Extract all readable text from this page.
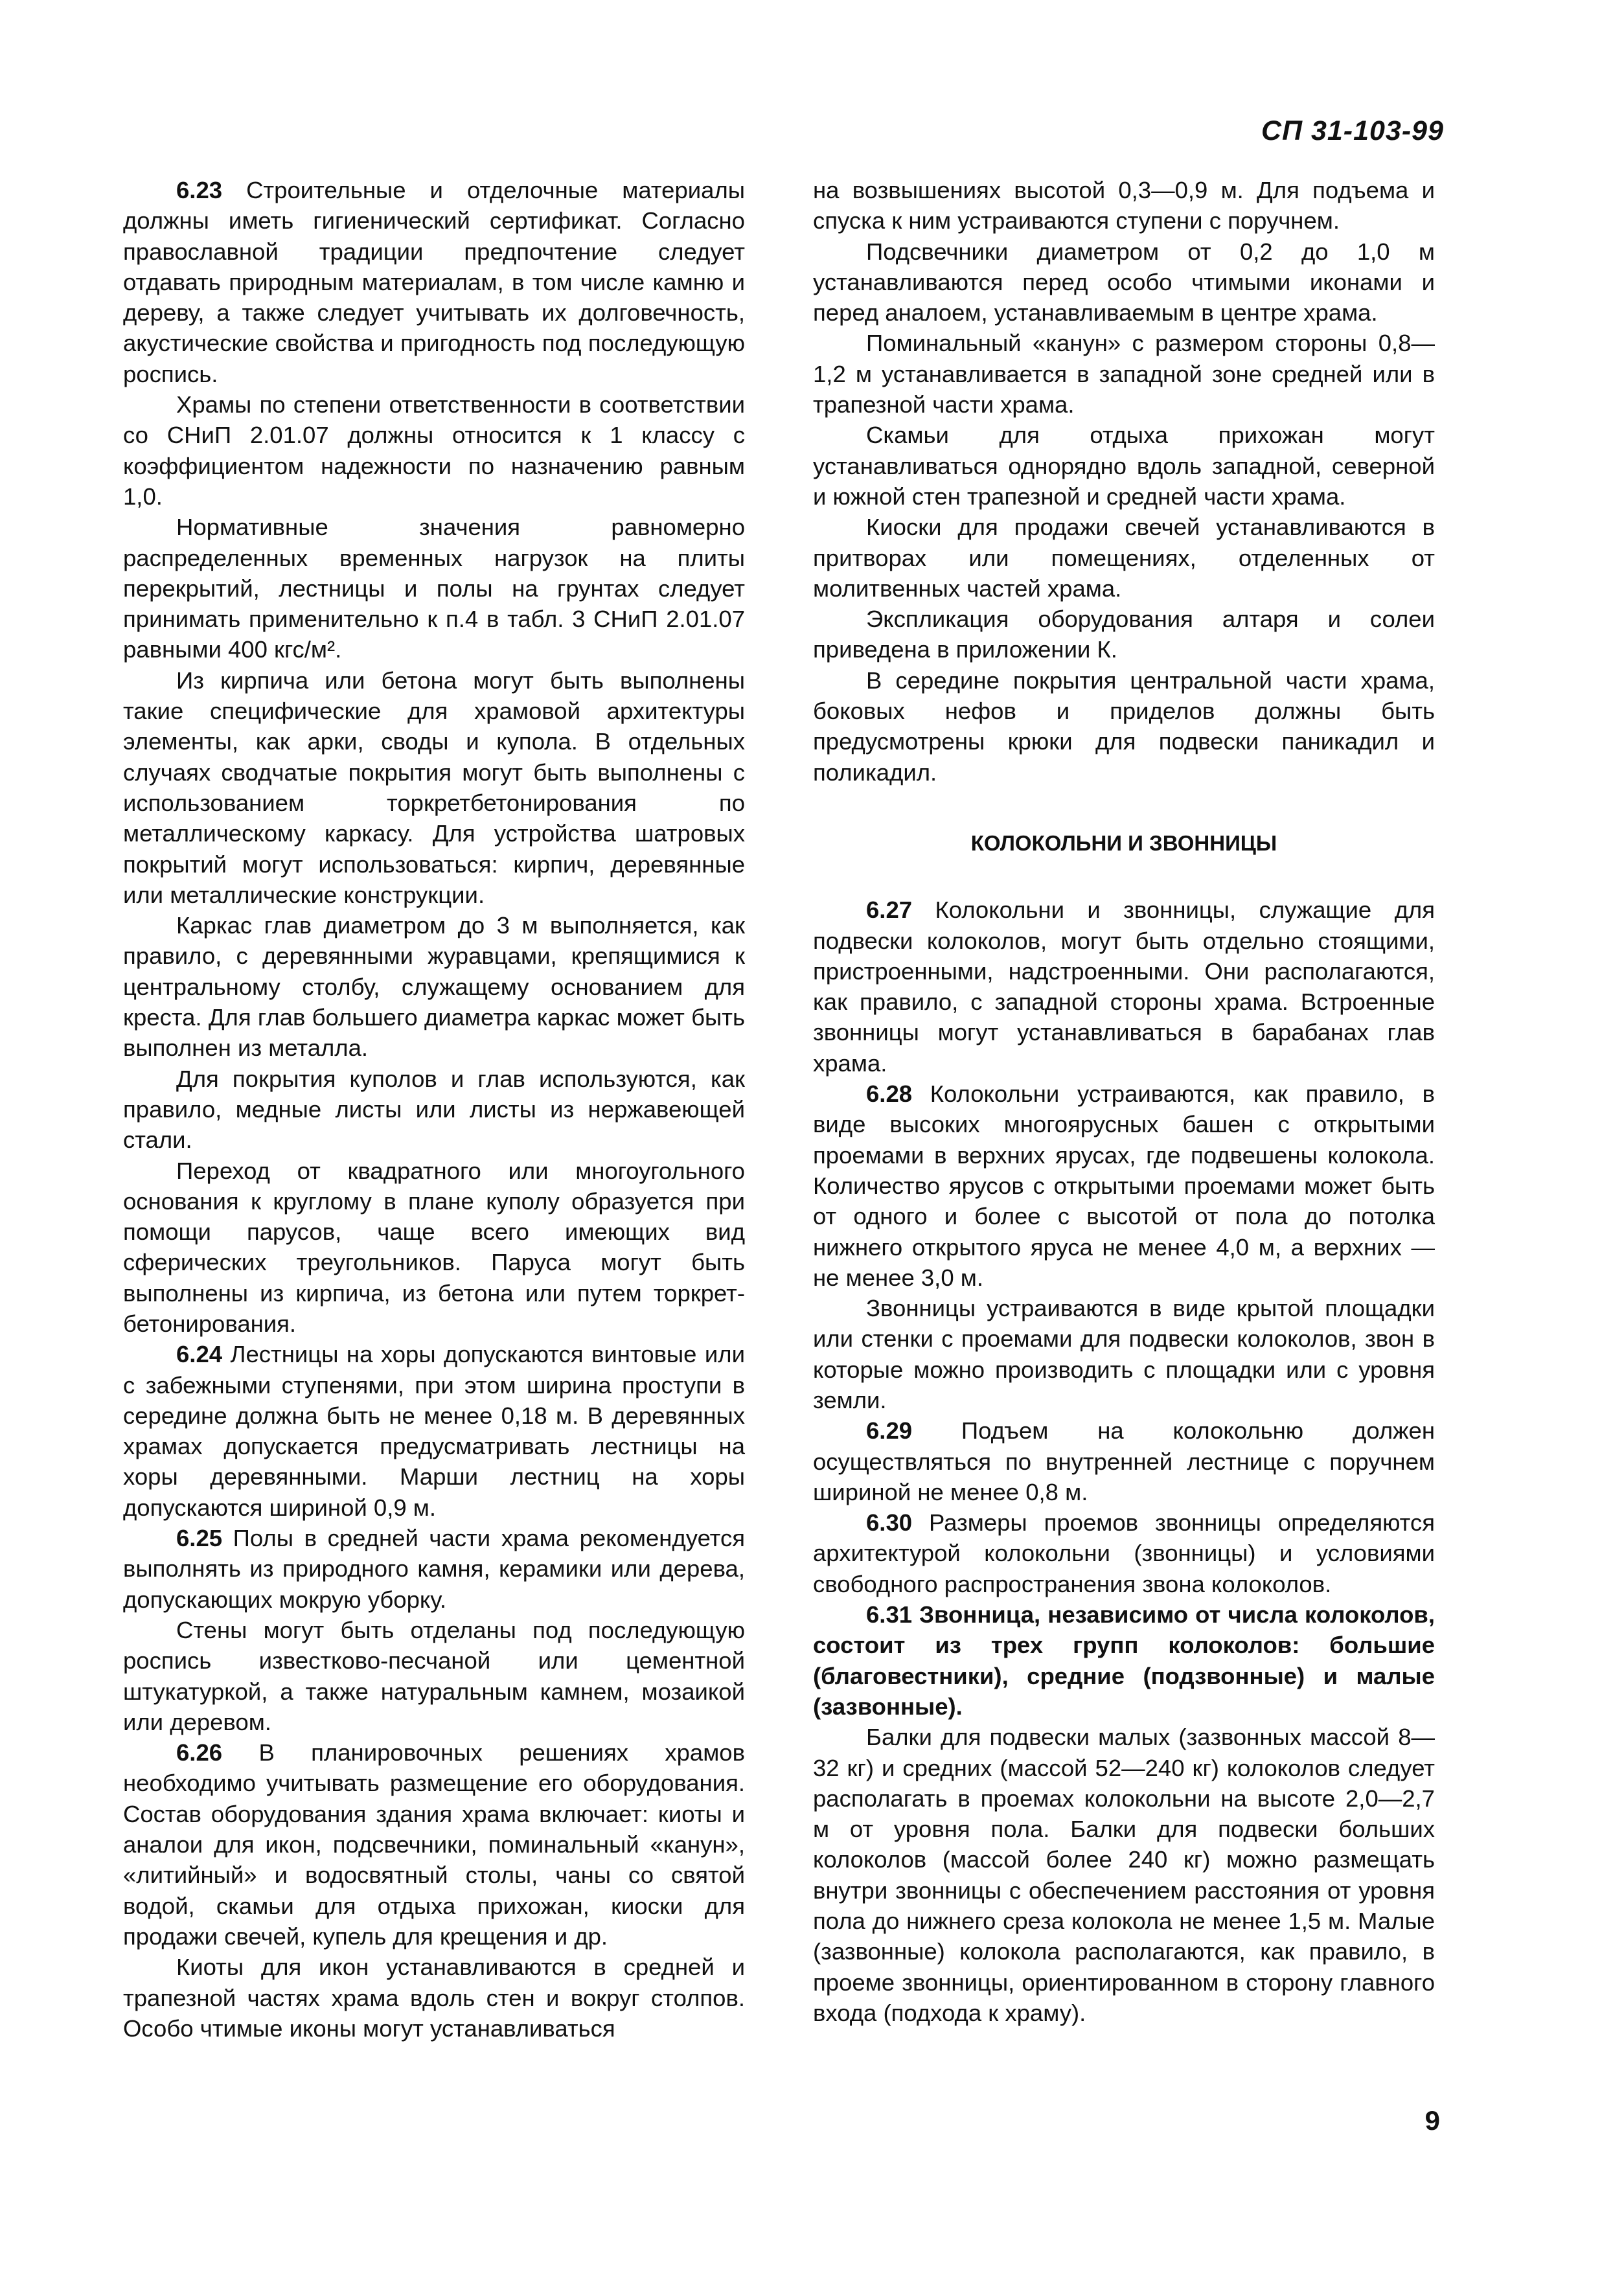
СП 31-103-99

6.23 Строительные и отделочные материалы должны иметь гигиенический сертификат. Согласно православной традиции предпочтение следует отдавать природным материалам, в том числе камню и дереву, а также следует учитывать их долговечность, акустические свойства и пригодность под последующую роспись.

Храмы по степени ответственности в соответствии со СНиП 2.01.07 должны относится к 1 классу с коэффициентом надежности по назначению равным 1,0.

Нормативные значения равномерно распределенных временных нагрузок на плиты перекрытий, лестницы и полы на грунтах следует принимать применительно к п.4 в табл. 3 СНиП 2.01.07 равными 400 кгс/м².

Из кирпича или бетона могут быть выполнены такие специфические для храмовой архитектуры элементы, как арки, своды и купола. В отдельных случаях сводчатые покрытия могут быть выполнены с использованием торкретбетонирования по металлическому каркасу. Для устройства шатровых покрытий могут использоваться: кирпич, деревянные или металлические конструкции.

Каркас глав диаметром до 3 м выполняется, как правило, с деревянными журавцами, крепящимися к центральному столбу, служащему основанием для креста. Для глав большего диаметра каркас может быть выполнен из металла.

Для покрытия куполов и глав используются, как правило, медные листы или листы из нержавеющей стали.

Переход от квадратного или многоугольного основания к круглому в плане куполу образуется при помощи парусов, чаще всего имеющих вид сферических треугольников. Паруса могут быть выполнены из кирпича, из бетона или путем торкрет-бетонирования.

6.24 Лестницы на хоры допускаются винтовые или с забежными ступенями, при этом ширина проступи в середине должна быть не менее 0,18 м. В деревянных храмах допускается предусматривать лестницы на хоры деревянными. Марши лестниц на хоры допускаются шириной 0,9 м.

6.25 Полы в средней части храма рекомендуется выполнять из природного камня, керамики или дерева, допускающих мокрую уборку.

Стены могут быть отделаны под последующую роспись известково-песчаной или цементной штукатуркой, а также натуральным камнем, мозаикой или деревом.

6.26 В планировочных решениях храмов необходимо учитывать размещение его оборудования. Состав оборудования здания храма включает: киоты и аналои для икон, подсвечники, поминальный «канун», «литийный» и водосвятный столы, чаны со святой водой, скамьи для отдыха прихожан, киоски для продажи свечей, купель для крещения и др.

Киоты для икон устанавливаются в средней и трапезной частях храма вдоль стен и вокруг столпов. Особо чтимые иконы могут устанавливаться

на возвышениях высотой 0,3—0,9 м. Для подъема и спуска к ним устраиваются ступени с поручнем.

Подсвечники диаметром от 0,2 до 1,0 м устанавливаются перед особо чтимыми иконами и перед аналоем, устанавливаемым в центре храма.

Поминальный «канун» с размером стороны 0,8—1,2 м устанавливается в западной зоне средней или в трапезной части храма.

Скамьи для отдыха прихожан могут устанавливаться однорядно вдоль западной, северной и южной стен трапезной и средней части храма.

Киоски для продажи свечей устанавливаются в притворах или помещениях, отделенных от молитвенных частей храма.

Экспликация оборудования алтаря и солеи приведена в приложении К.

В середине покрытия центральной части храма, боковых нефов и приделов должны быть предусмотрены крюки для подвески паникадил и поликадил.

КОЛОКОЛЬНИ И ЗВОННИЦЫ

6.27 Колокольни и звонницы, служащие для подвески колоколов, могут быть отдельно стоящими, пристроенными, надстроенными. Они располагаются, как правило, с западной стороны храма. Встроенные звонницы могут устанавливаться в барабанах глав храма.

6.28 Колокольни устраиваются, как правило, в виде высоких многоярусных башен с открытыми проемами в верхних ярусах, где подвешены колокола. Количество ярусов с открытыми проемами может быть от одного и более с высотой от пола до потолка нижнего открытого яруса не менее 4,0 м, а верхних — не менее 3,0 м.

Звонницы устраиваются в виде крытой площадки или стенки с проемами для подвески колоколов, звон в которые можно производить с площадки или с уровня земли.

6.29 Подъем на колокольню должен осуществляться по внутренней лестнице с поручнем шириной не менее 0,8 м.

6.30 Размеры проемов звонницы определяются архитектурой колокольни (звонницы) и условиями свободного распространения звона колоколов.

6.31 Звонница, независимо от числа колоколов, состоит из трех групп колоколов: большие (благовестники), средние (подзвонные) и малые (зазвонные).

Балки для подвески малых (зазвонных массой 8—32 кг) и средних (массой 52—240 кг) колоколов следует располагать в проемах колокольни на высоте 2,0—2,7 м от уровня пола. Балки для подвески больших колоколов (массой более 240 кг) можно размещать внутри звонницы с обеспечением расстояния от уровня пола до нижнего среза колокола не менее 1,5 м. Малые (зазвонные) колокола располагаются, как правило, в проеме звонницы, ориентированном в сторону главного входа (подхода к храму).

9
